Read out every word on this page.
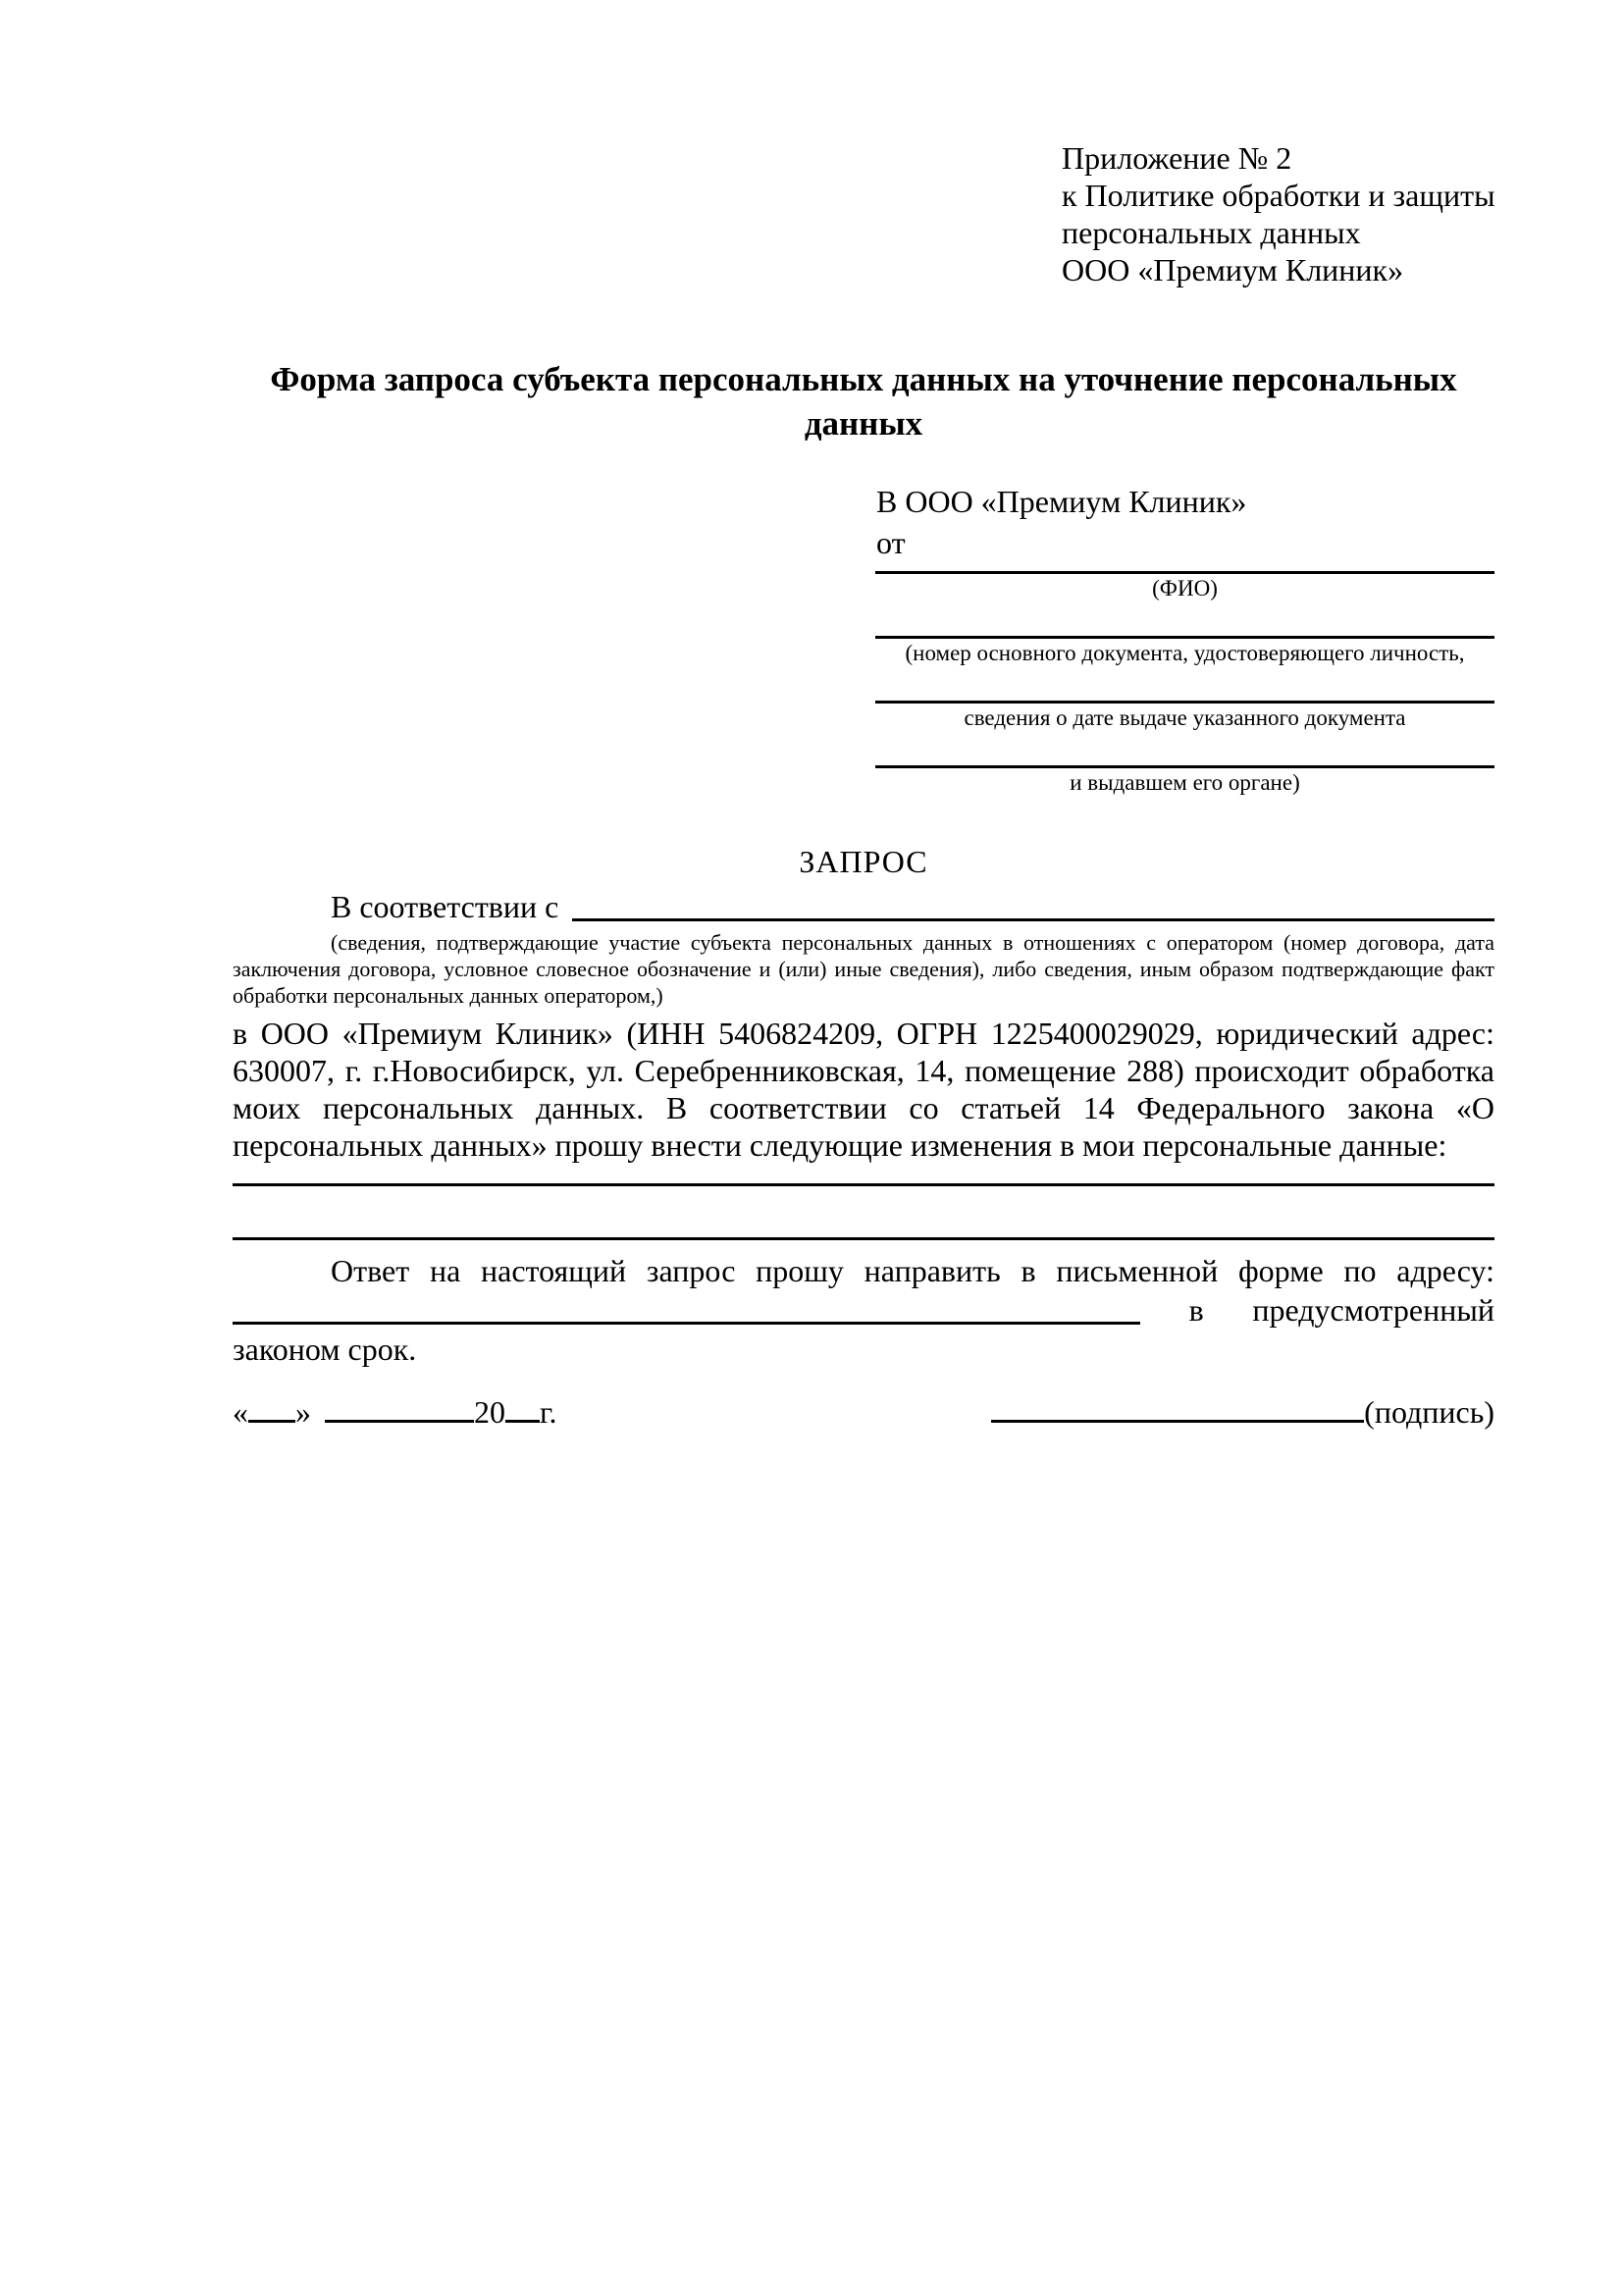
Приложение № 2
к Политике обработки и защиты
персональных данных
ООО «Премиум Клиник»
Форма запроса субъекта персональных данных на уточнение персональных данных
В ООО «Премиум Клиник»
от
(ФИО)
(номер основного документа, удостоверяющего личность,
сведения о дате выдаче указанного документа
и выдавшем его органе)
ЗАПРОС
В соответствии с

(сведения, подтверждающие участие субъекта персональных данных в отношениях с оператором (номер договора, дата заключения договора, условное словесное обозначение и (или) иные сведения), либо сведения, иным образом подтверждающие факт обработки персональных данных оператором,)

в ООО «Премиум Клиник» (ИНН 5406824209, ОГРН 1225400029029, юридический адрес: 630007, г. г.Новосибирск, ул. Серебренниковская, 14, помещение 288) происходит обработка моих персональных данных. В соответствии со статьей 14 Федерального закона «О персональных данных» прошу внести следующие изменения в мои персональные данные:

Ответ на настоящий запрос прошу направить в письменной форме по адресу:

в предусмотренный

законом срок.

« »	20 г.	(подпись)
